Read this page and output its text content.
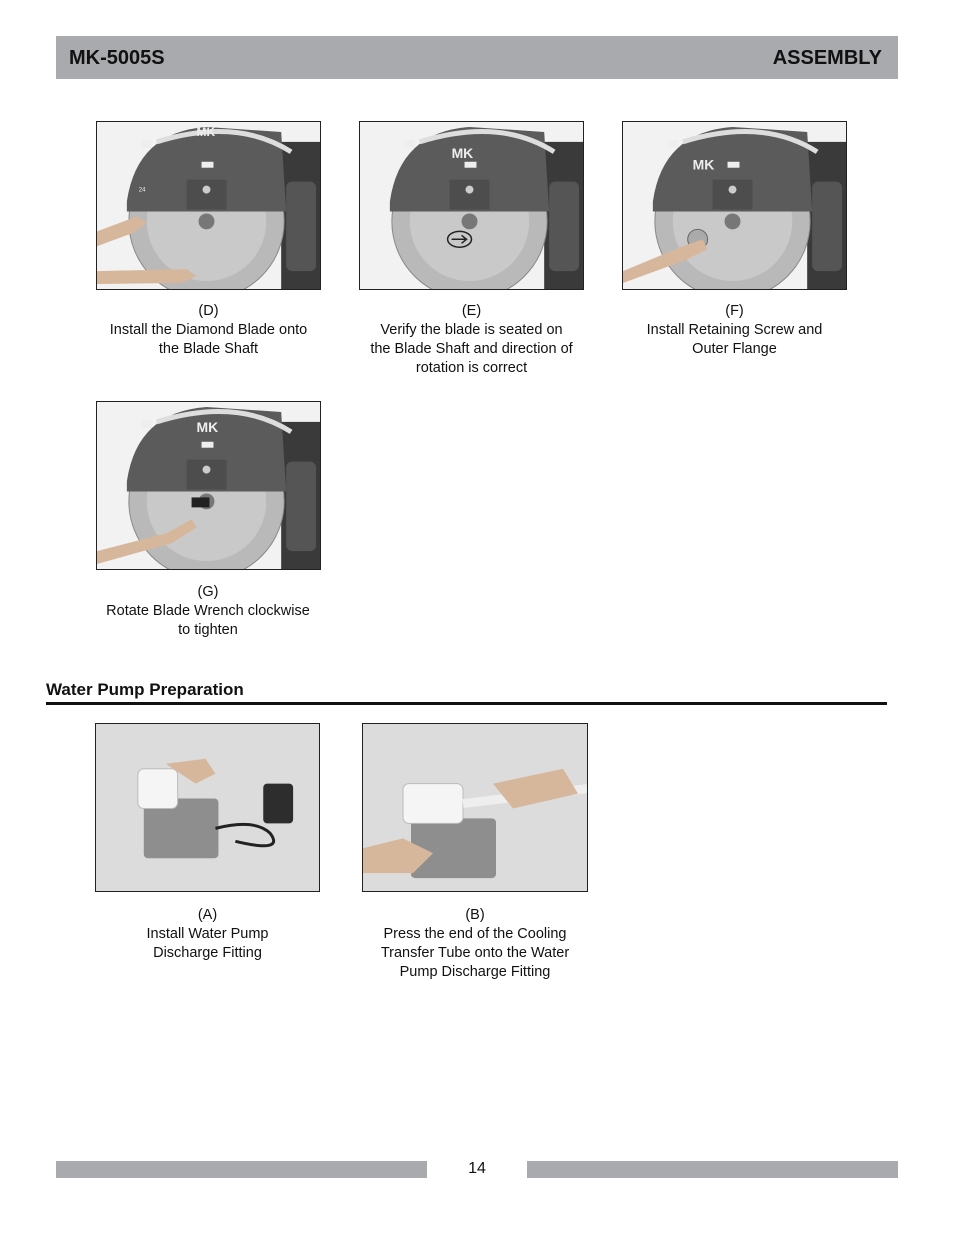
MK-5005S	ASSEMBLY
MK
24
(D)
Install the Diamond Blade onto
the Blade Shaft
MK
(E)
Verify the blade is seated on
the Blade Shaft and direction of
rotation is correct
MK
(F)
Install Retaining Screw and
Outer Flange
MK
(G)
Rotate Blade Wrench clockwise
to tighten
Water Pump Preparation
(A)
Install Water Pump
Discharge Fitting
(B)
Press the end of the Cooling
Transfer Tube onto the Water
Pump Discharge Fitting
14
